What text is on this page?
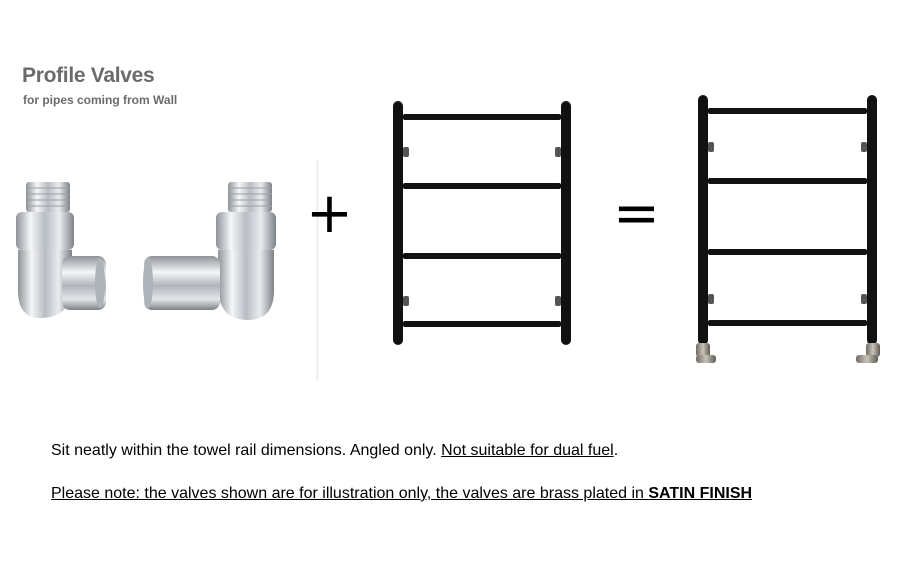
Profile Valves
for pipes coming from Wall
+	=
Sit neatly within the towel rail dimensions. Angled only. Not suitable for dual fuel.
Please note: the valves shown are for illustration only, the valves are brass plated in SATIN FINISH
